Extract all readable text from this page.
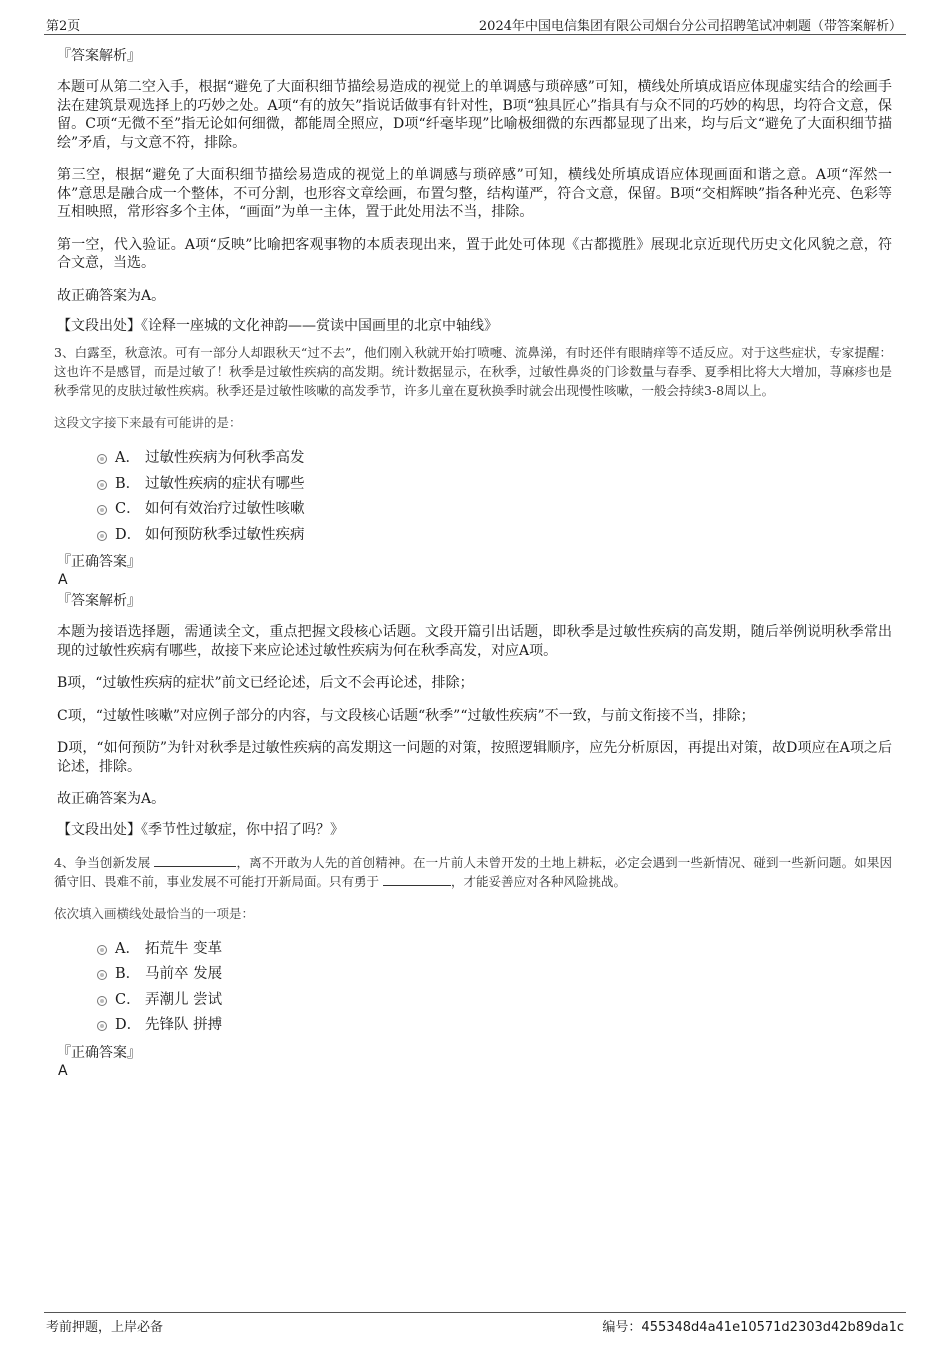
第2页	2024年中国电信集团有限公司烟台分公司招聘笔试冲刺题（带答案解析）

『答案解析』

本题可从第二空入手，根据“避免了大面积细节描绘易造成的视觉上的单调感与琐碎感”可知，横线处所填成语应体现虚实结合的绘画手法在建筑景观选择上的巧妙之处。A项“有的放矢”指说话做事有针对性，B项“独具匠心”指具有与众不同的巧妙的构思，均符合文意，保留。C项“无微不至”指无论如何细微，都能周全照应，D项“纤毫毕现”比喻极细微的东西都显现了出来，均与后文“避免了大面积细节描绘”矛盾，与文意不符，排除。

第三空，根据“避免了大面积细节描绘易造成的视觉上的单调感与琐碎感”可知，横线处所填成语应体现画面和谐之意。A项“浑然一体”意思是融合成一个整体，不可分割，也形容文章绘画，布置匀整，结构谨严，符合文意，保留。B项“交相辉映”指各种光亮、色彩等互相映照，常形容多个主体，“画面”为单一主体，置于此处用法不当，排除。

第一空，代入验证。A项“反映”比喻把客观事物的本质表现出来，置于此处可体现《古都揽胜》展现北京近现代历史文化风貌之意，符合文意，当选。

故正确答案为A。

【文段出处】《诠释一座城的文化神韵——赏读中国画里的北京中轴线》

3、白露至，秋意浓。可有一部分人却跟秋天“过不去”，他们刚入秋就开始打喷嚏、流鼻涕，有时还伴有眼睛痒等不适反应。对于这些症状，专家提醒：这也许不是感冒，而是过敏了！秋季是过敏性疾病的高发期。统计数据显示，在秋季，过敏性鼻炎的门诊数量与春季、夏季相比将大大增加，荨麻疹也是秋季常见的皮肤过敏性疾病。秋季还是过敏性咳嗽的高发季节，许多儿童在夏秋换季时就会出现慢性咳嗽，一般会持续3-8周以上。

这段文字接下来最有可能讲的是：

A． 过敏性疾病为何秋季高发
B． 过敏性疾病的症状有哪些
C． 如何有效治疗过敏性咳嗽
D． 如何预防秋季过敏性疾病

『正确答案』

A

『答案解析』

本题为接语选择题，需通读全文，重点把握文段核心话题。文段开篇引出话题，即秋季是过敏性疾病的高发期，随后举例说明秋季常出现的过敏性疾病有哪些，故接下来应论述过敏性疾病为何在秋季高发，对应A项。

B项，“过敏性疾病的症状”前文已经论述，后文不会再论述，排除；

C项，“过敏性咳嗽”对应例子部分的内容，与文段核心话题“秋季”“过敏性疾病”不一致，与前文衔接不当，排除；

D项，“如何预防”为针对秋季是过敏性疾病的高发期这一问题的对策，按照逻辑顺序，应先分析原因，再提出对策，故D项应在A项之后论述，排除。

故正确答案为A。

【文段出处】《季节性过敏症，你中招了吗？》

4、争当创新发展	，离不开敢为人先的首创精神。在一片前人未曾开发的土地上耕耘，必定会遇到一些新情况、碰到一些新问题。如果因循守旧、畏难不前，事业发展不可能打开新局面。只有勇于	，才能妥善应对各种风险挑战。

依次填入画横线处最恰当的一项是：

A． 拓荒牛 变革
B． 马前卒 发展
C． 弄潮儿 尝试
D． 先锋队 拼搏

『正确答案』

A

考前押题，上岸必备	编号：455348d4a41e10571d2303d42b89da1c
